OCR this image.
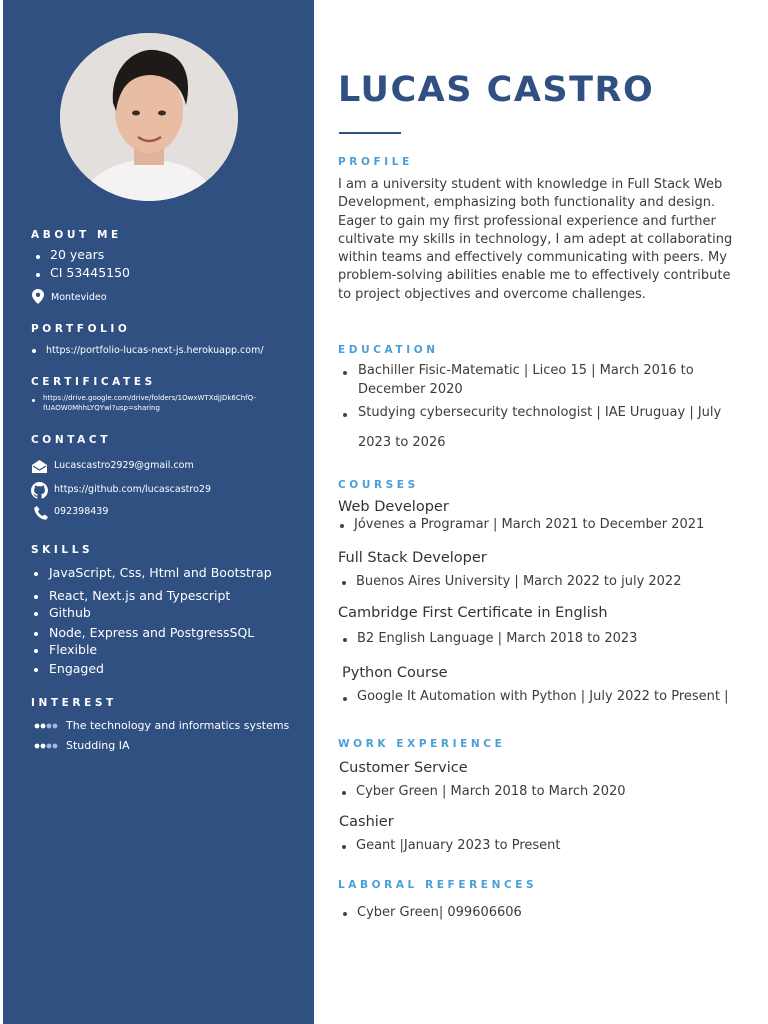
ABOUT ME
20 years
CI 53445150
Montevideo
PORTFOLIO
https://portfolio-lucas-next-js.herokuapp.com/
CERTIFICATES
https://drive.google.com/drive/folders/1OwxWTXdjJDk6ChfQ-
fUAOW0MhhLYQYwl?usp=sharing
CONTACT
Lucascastro2929@gmail.com
https://github.com/lucascastro29
092398439
SKILLS
JavaScript, Css, Html and Bootstrap
React, Next.js and Typescript
Github
Node, Express and PostgressSQL
Flexible
Engaged
INTEREST
The technology and informatics systems
Studding IA
LUCAS CASTRO
PROFILE
I am a university student with knowledge in Full Stack Web Development, emphasizing both functionality and design. Eager to gain my first professional experience and further cultivate my skills in technology, I am adept at collaborating within teams and effectively communicating with peers. My problem-solving abilities enable me to effectively contribute to project objectives and overcome challenges.
EDUCATION
Bachiller Fisic-Matematic | Liceo 15 | March 2016 to
December 2020
Studying cybersecurity technologist | IAE Uruguay | July
2023 to 2026
COURSES
Web Developer
Jóvenes a Programar | March 2021 to December 2021
Full Stack Developer
Buenos Aires University | March 2022 to july 2022
Cambridge First Certificate in English
B2 English Language | March 2018 to 2023
Python Course
Google It Automation with Python | July 2022 to Present |
WORK EXPERIENCE
Customer Service
Cyber Green | March 2018 to March 2020
Cashier
Geant |January 2023 to Present
LABORAL REFERENCES
Cyber Green| 099606606
